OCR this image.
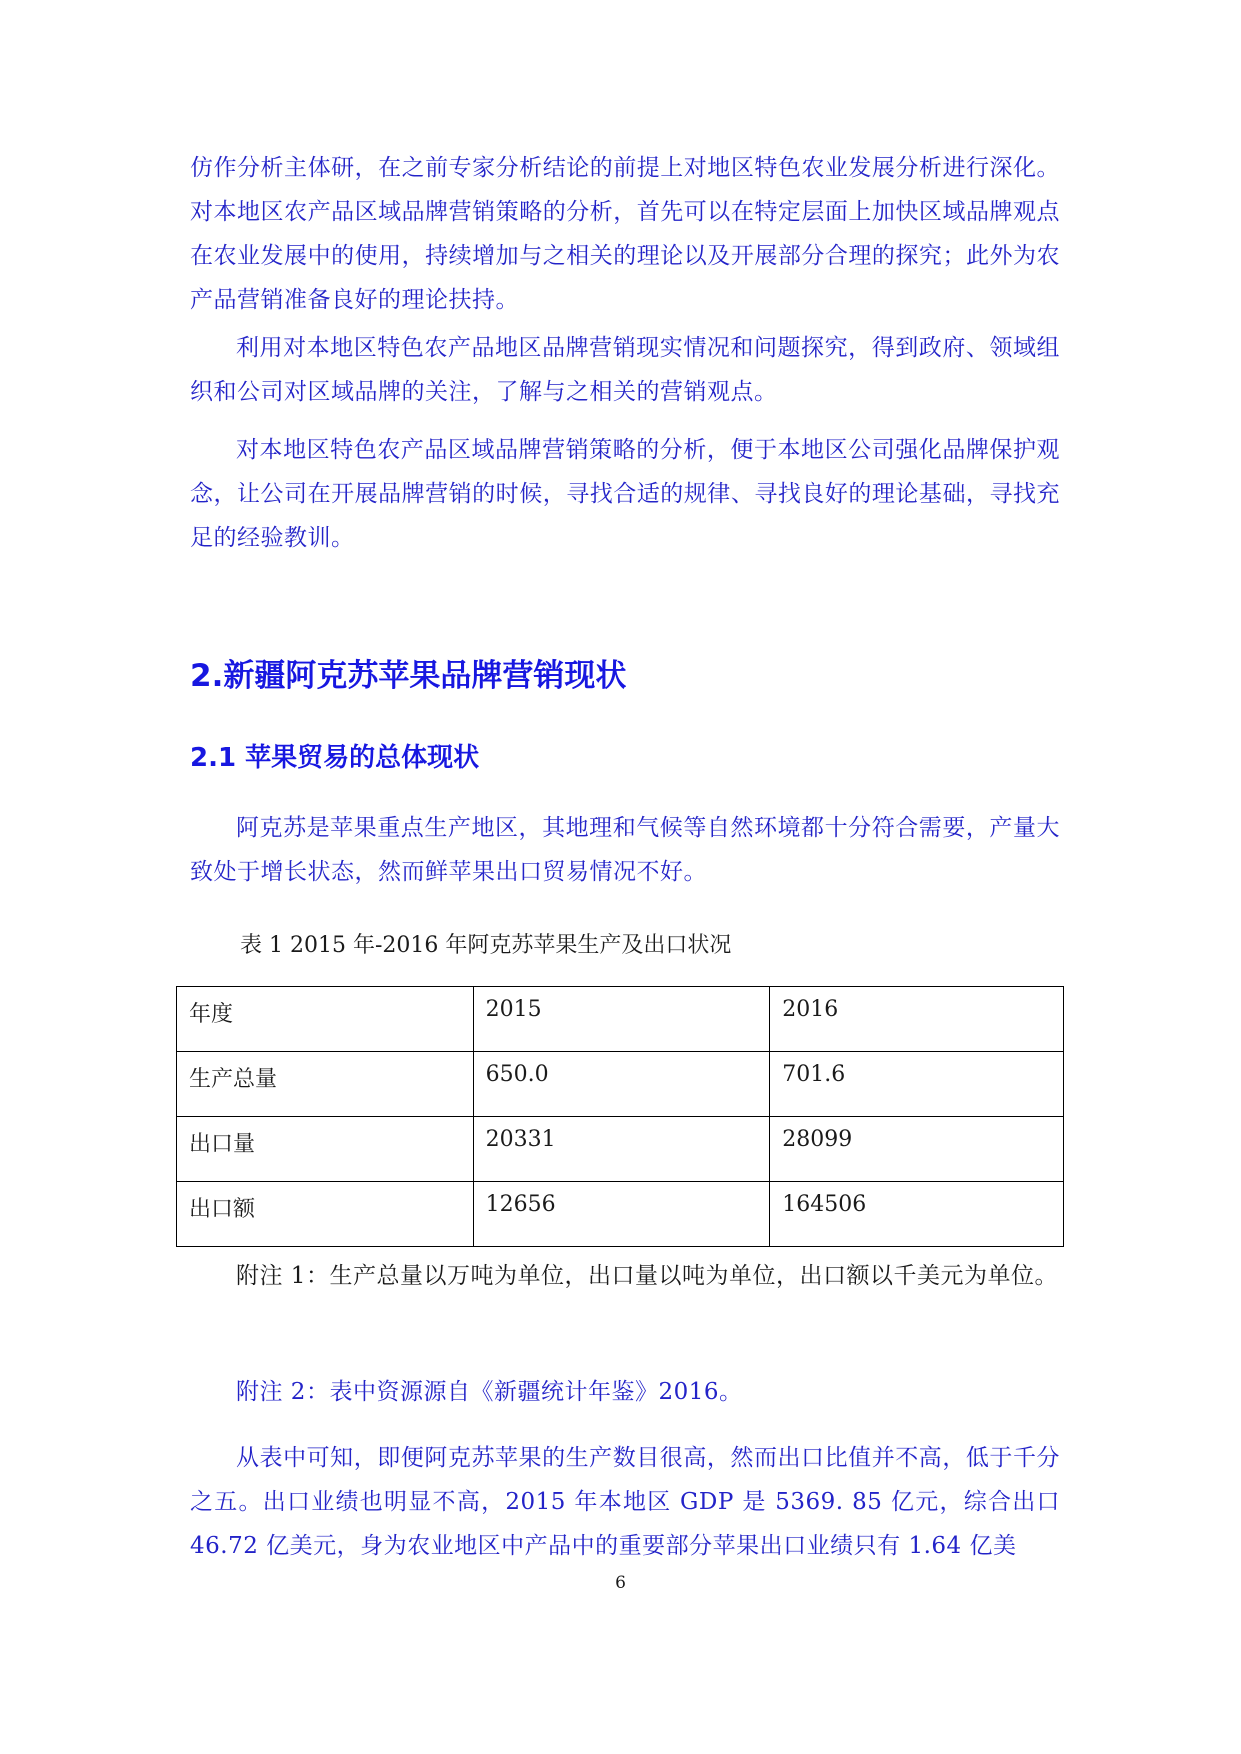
仿作分析主体研，在之前专家分析结论的前提上对地区特色农业发展分析进行深化。对本地区农产品区域品牌营销策略的分析，首先可以在特定层面上加快区域品牌观点在农业发展中的使用，持续增加与之相关的理论以及开展部分合理的探究；此外为农产品营销准备良好的理论扶持。

利用对本地区特色农产品地区品牌营销现实情况和问题探究，得到政府、领域组织和公司对区域品牌的关注，了解与之相关的营销观点。

对本地区特色农产品区域品牌营销策略的分析，便于本地区公司强化品牌保护观念，让公司在开展品牌营销的时候，寻找合适的规律、寻找良好的理论基础，寻找充足的经验教训。

2.新疆阿克苏苹果品牌营销现状
2.1 苹果贸易的总体现状

阿克苏是苹果重点生产地区，其地理和气候等自然环境都十分符合需要，产量大致处于增长状态，然而鲜苹果出口贸易情况不好。

表 1 2015 年-2016 年阿克苏苹果生产及出口状况
年度	2015	2016
生产总量	650.0	701.6
出口量	20331	28099
出口额	12656	164506

附注 1：生产总量以万吨为单位，出口量以吨为单位，出口额以千美元为单位。

附注 2：表中资源源自《新疆统计年鉴》2016。

从表中可知，即便阿克苏苹果的生产数目很高，然而出口比值并不高，低于千分之五。出口业绩也明显不高，2015 年本地区 GDP 是 5369. 85 亿元，综合出口 46.72 亿美元，身为农业地区中产品中的重要部分苹果出口业绩只有 1.64 亿美

6
